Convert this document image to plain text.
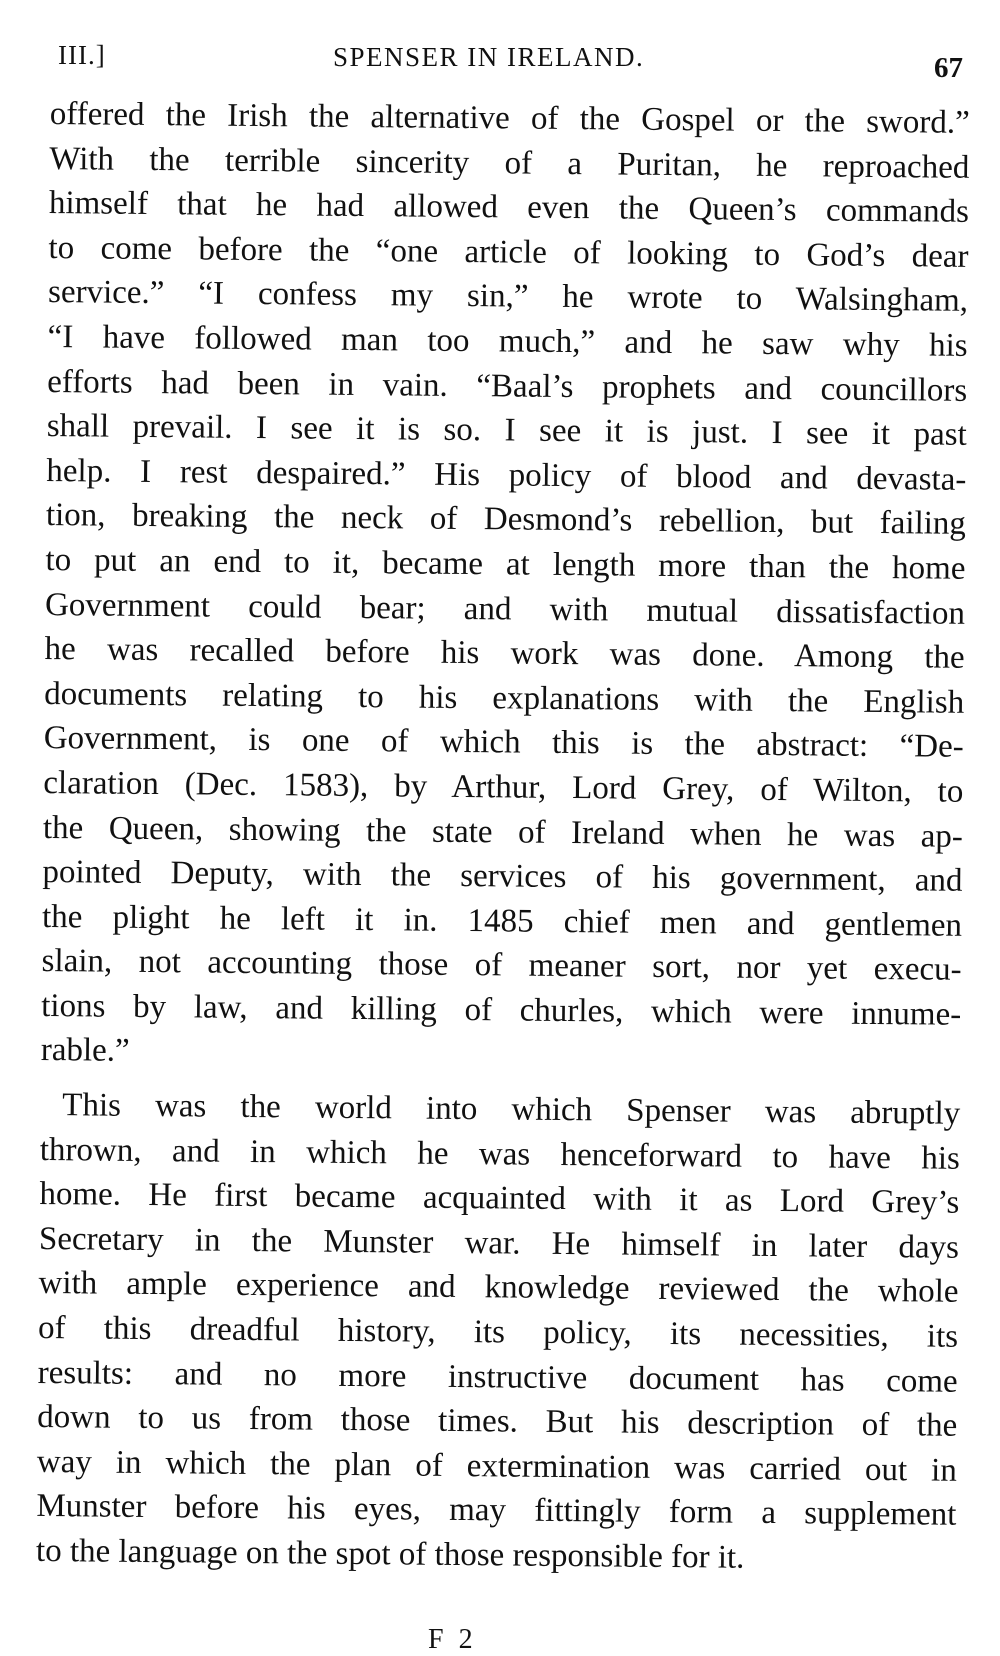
III.]	SPENSER IN IRELAND.	67
offered the Irish the alternative of the Gospel or the sword.”
With the terrible sincerity of a Puritan, he reproached
himself that he had allowed even the Queen’s commands
to come before the “one article of looking to God’s dear
service.” “I confess my sin,” he wrote to Walsingham,
“I have followed man too much,” and he saw why his
efforts had been in vain. “Baal’s prophets and councillors
shall prevail. I see it is so. I see it is just. I see it past
help. I rest despaired.” His policy of blood and devasta-
tion, breaking the neck of Desmond’s rebellion, but failing
to put an end to it, became at length more than the home
Government could bear; and with mutual dissatisfaction
he was recalled before his work was done. Among the
documents relating to his explanations with the English
Government, is one of which this is the abstract: “De-
claration (Dec. 1583), by Arthur, Lord Grey, of Wilton, to
the Queen, showing the state of Ireland when he was ap-
pointed Deputy, with the services of his government, and
the plight he left it in. 1485 chief men and gentlemen
slain, not accounting those of meaner sort, nor yet execu-
tions by law, and killing of churles, which were innume-
rable.”
This was the world into which Spenser was abruptly
thrown, and in which he was henceforward to have his
home. He first became acquainted with it as Lord Grey’s
Secretary in the Munster war. He himself in later days
with ample experience and knowledge reviewed the whole
of this dreadful history, its policy, its necessities, its
results: and no more instructive document has come
down to us from those times. But his description of the
way in which the plan of extermination was carried out in
Munster before his eyes, may fittingly form a supplement
to the language on the spot of those responsible for it.
F 2
